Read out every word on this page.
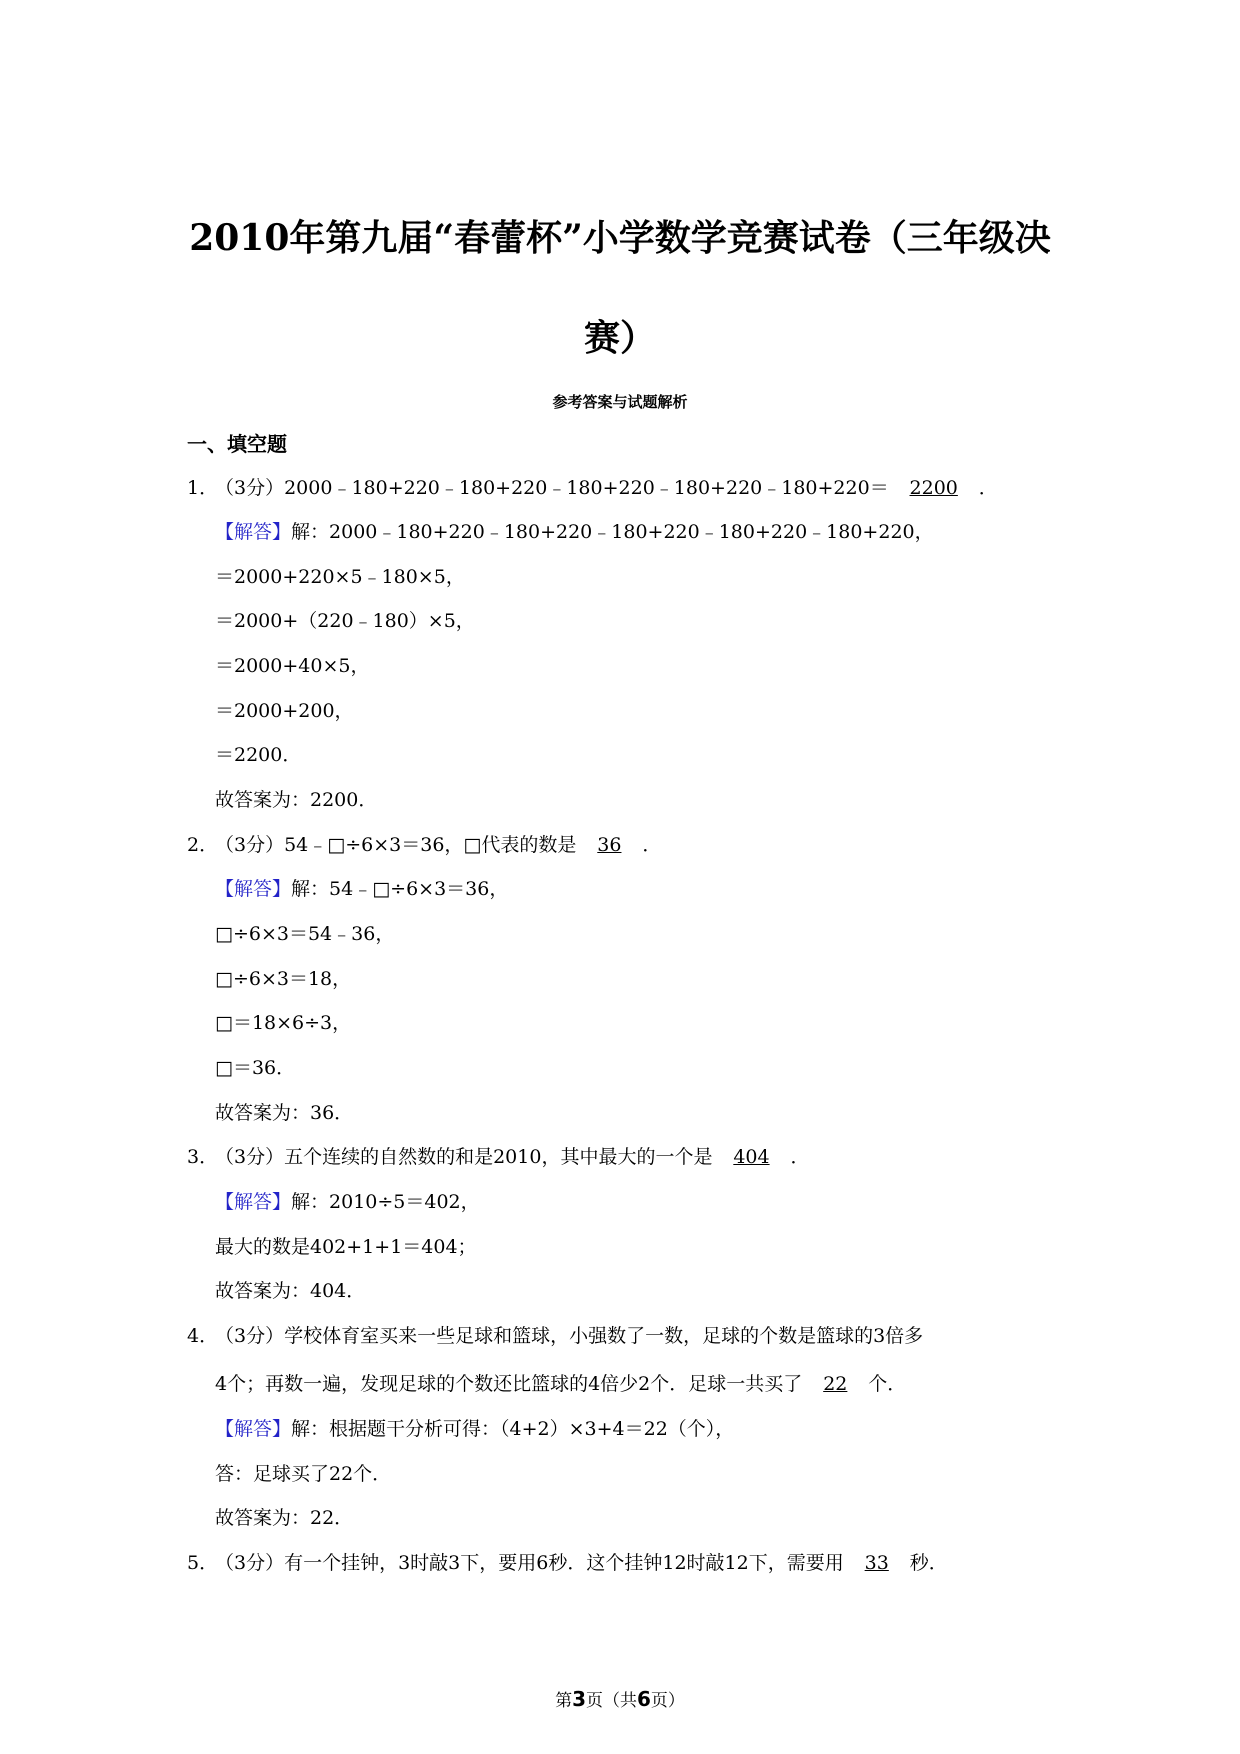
2010年第九届“春蕾杯”小学数学竞赛试卷（三年级决
赛）
参考答案与试题解析
一、填空题
1．（3分）2000﹣180+220﹣180+220﹣180+220﹣180+220﹣180+220＝ 2200 ．
【解答】解：2000﹣180+220﹣180+220﹣180+220﹣180+220﹣180+220，
＝2000+220×5﹣180×5，
＝2000+（220﹣180）×5，
＝2000+40×5，
＝2000+200，
＝2200．
故答案为：2200．
2．（3分）54﹣□÷6×3＝36，□代表的数是 36 ．
【解答】解：54﹣□÷6×3＝36，
□÷6×3＝54﹣36，
□÷6×3＝18，
□＝18×6÷3，
□＝36．
故答案为：36．
3．（3分）五个连续的自然数的和是2010，其中最大的一个是 404 ．
【解答】解：2010÷5＝402，
最大的数是402+1+1＝404；
故答案为：404．
4．（3分）学校体育室买来一些足球和篮球，小强数了一数，足球的个数是篮球的3倍多
4个；再数一遍，发现足球的个数还比篮球的4倍少2个．足球一共买了 22 个．
【解答】解：根据题干分析可得：（4+2）×3+4＝22（个），
答：足球买了22个．
故答案为：22．
5．（3分）有一个挂钟，3时敲3下，要用6秒．这个挂钟12时敲12下，需要用 33 秒．
第3页（共6页）
